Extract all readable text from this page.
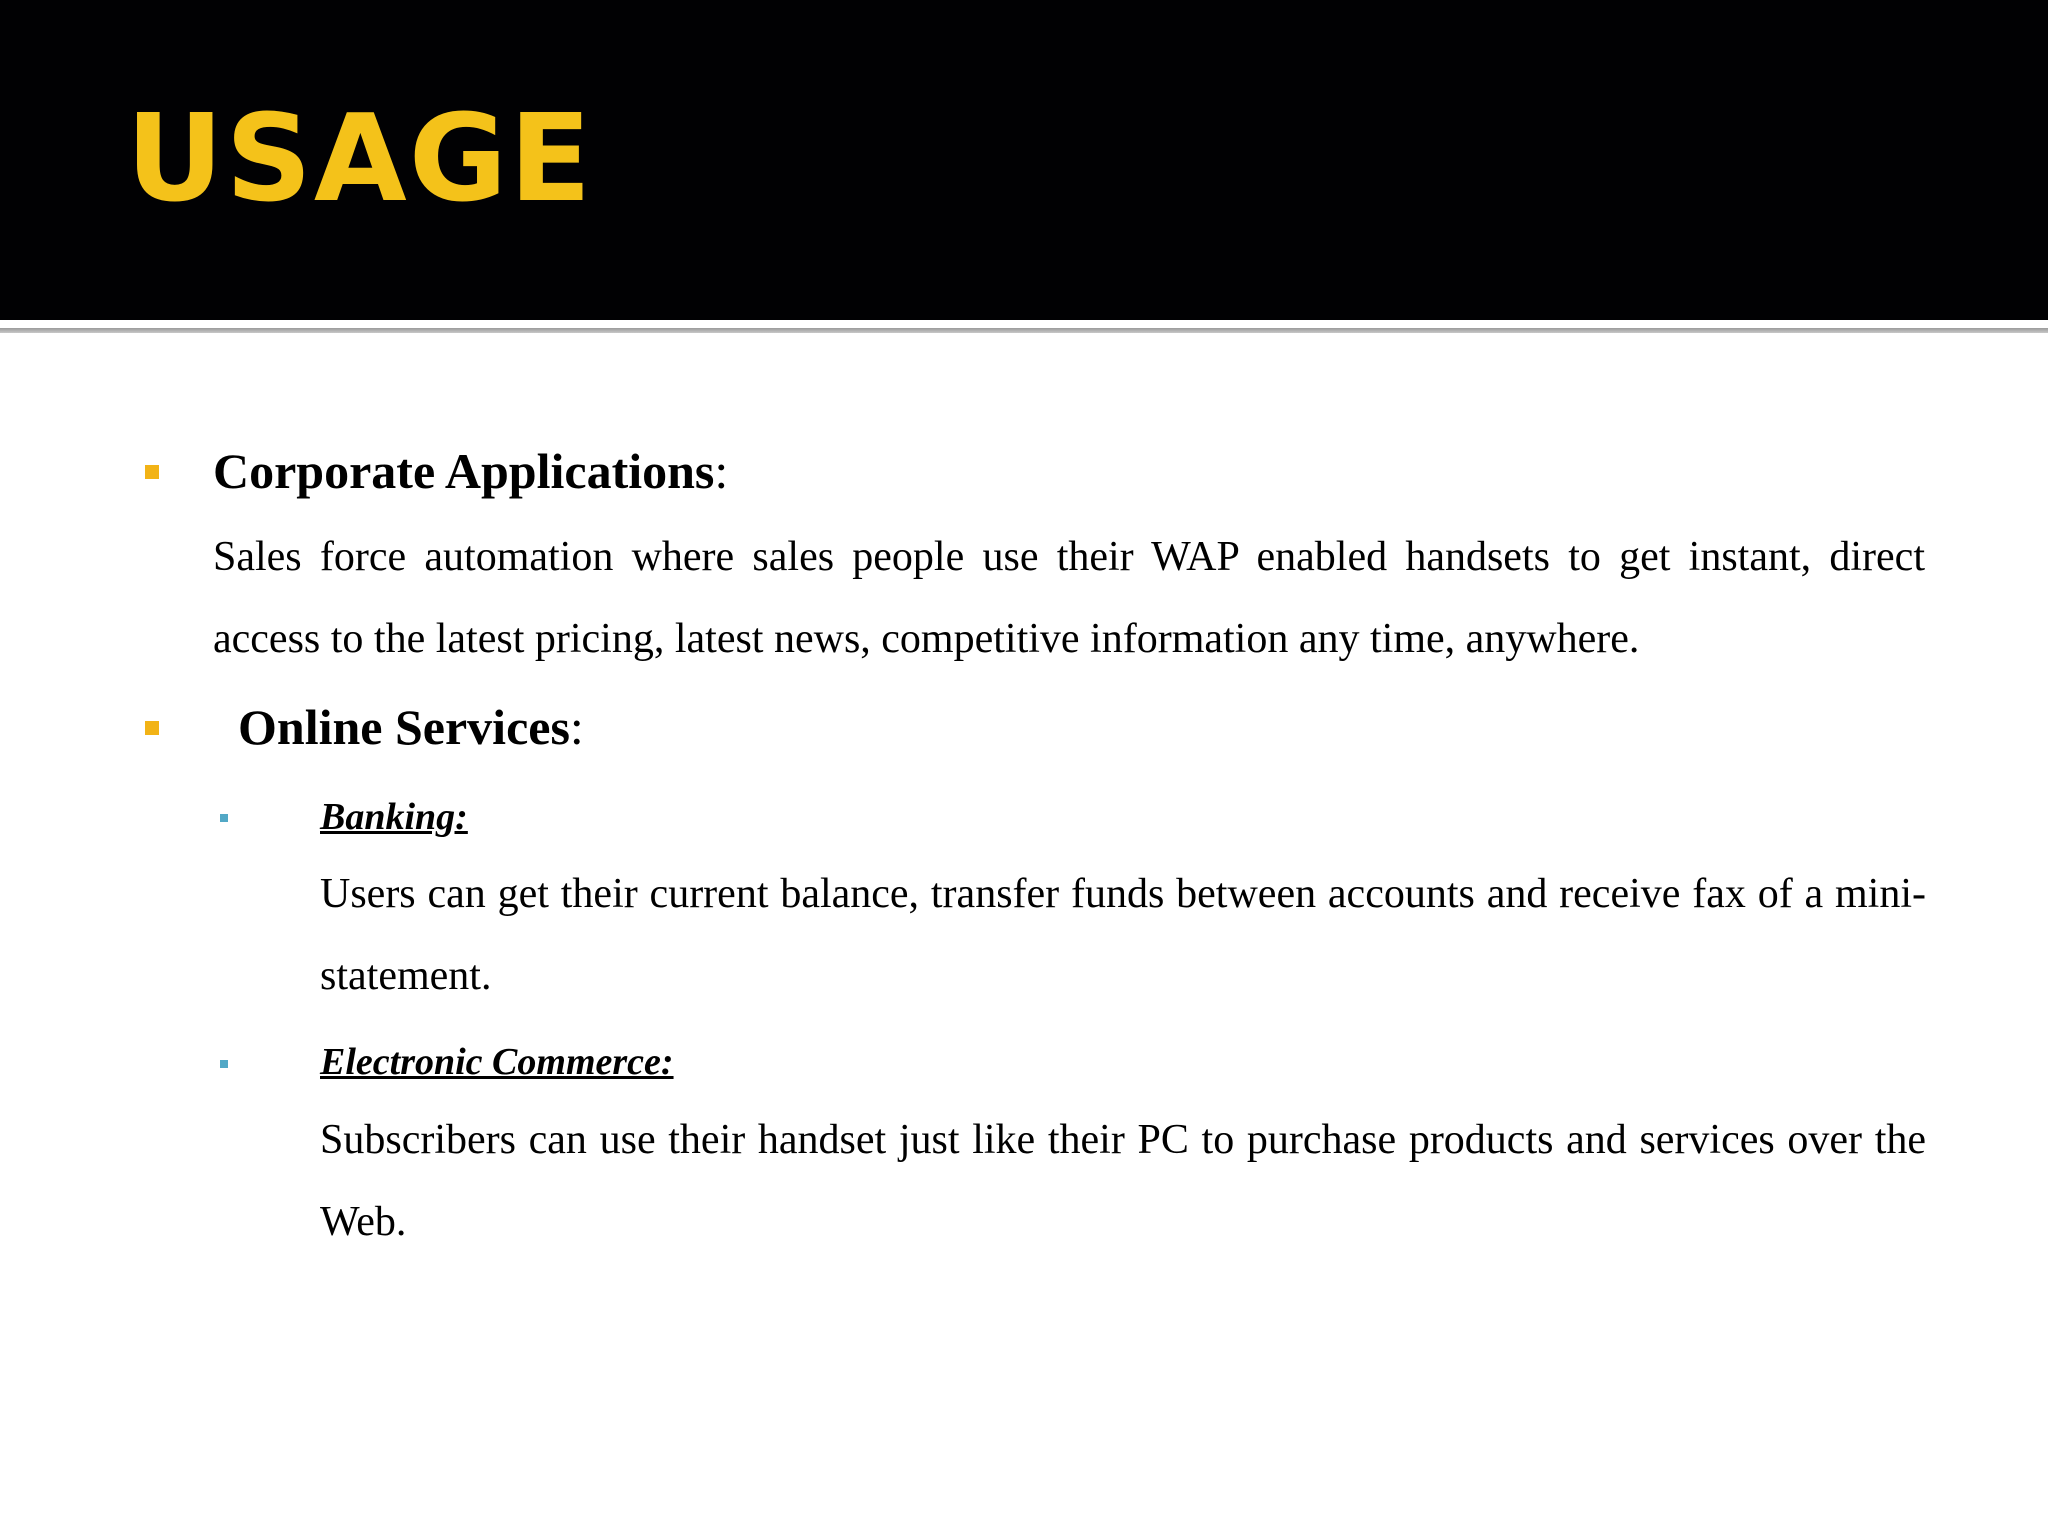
USAGE

Corporate Applications:

Sales force automation where sales people use their WAP enabled handsets to get instant, direct access to the latest pricing, latest news, competitive information any time, anywhere.

Online Services:

Banking:

Users can get their current balance, transfer funds between accounts and receive fax of a mini-statement.

Electronic Commerce:

Subscribers can use their handset just like their PC to purchase products and services over the Web.
